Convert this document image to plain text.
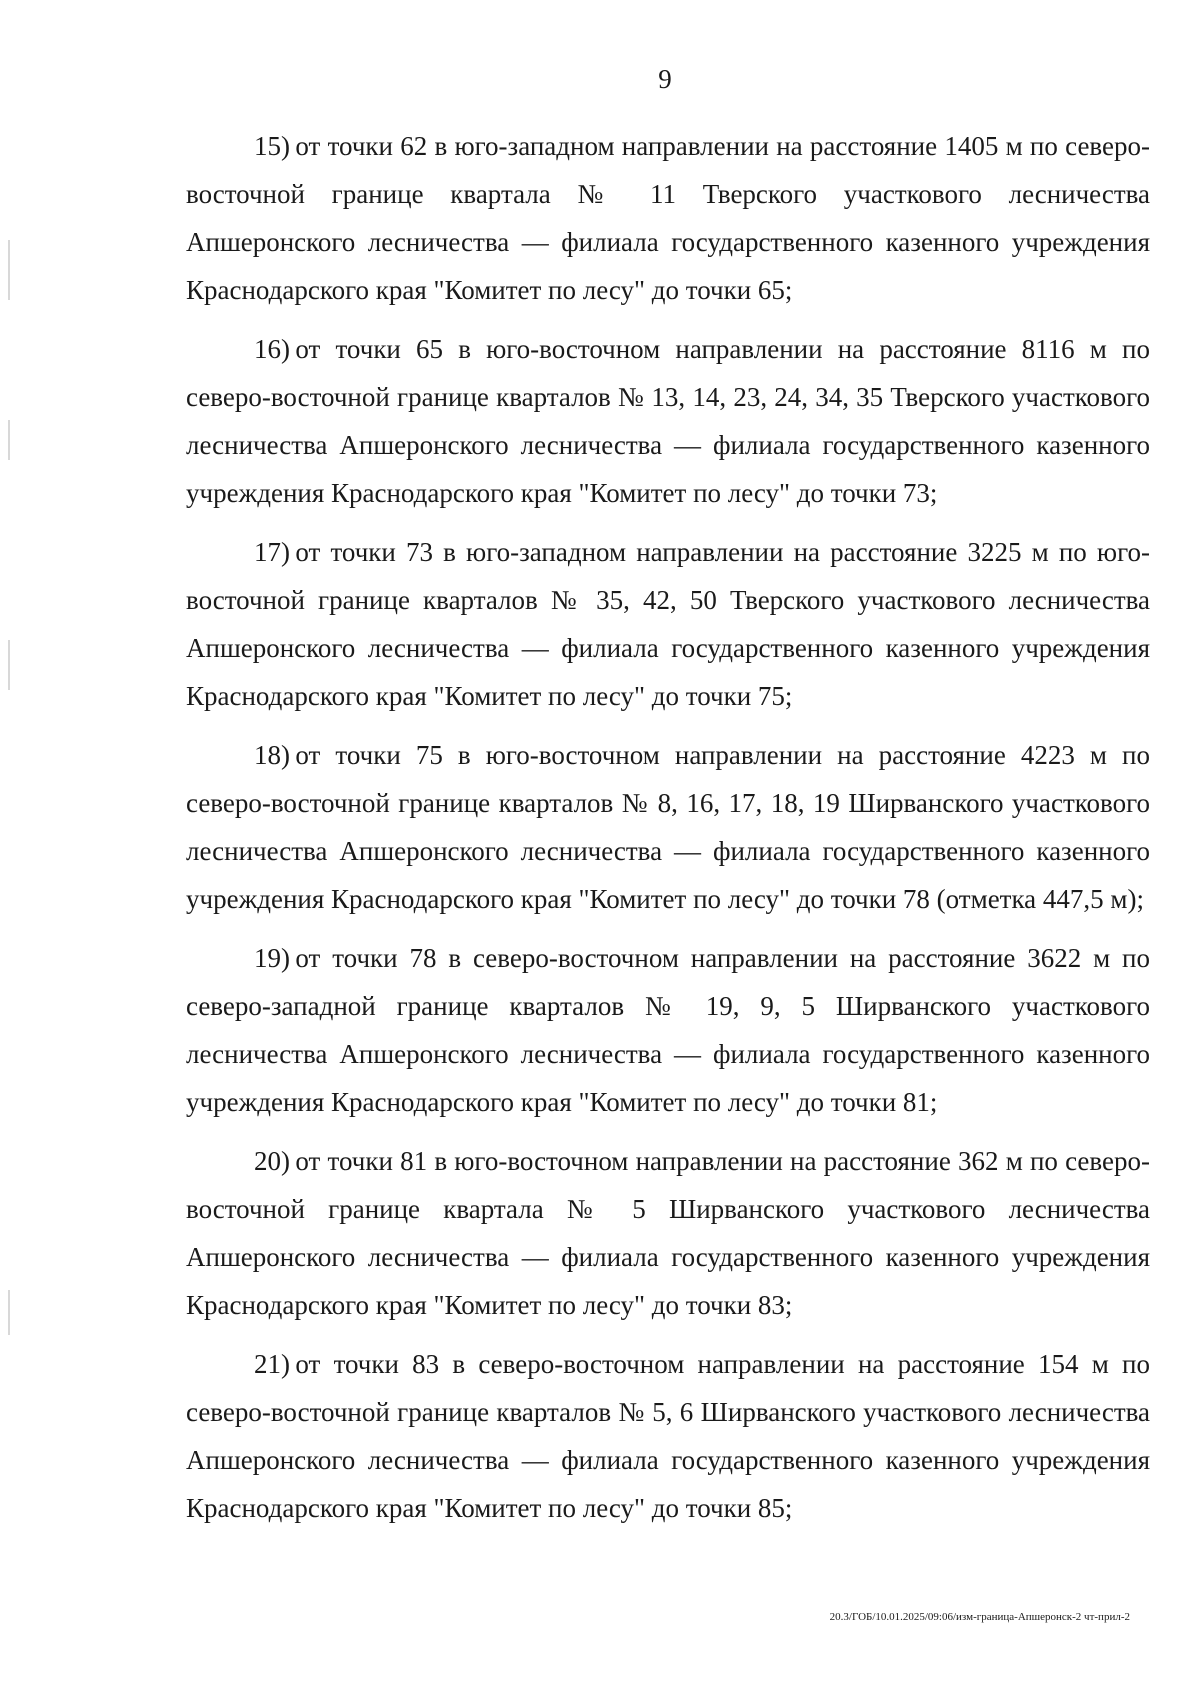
9

15) от точки 62 в юго-западном направлении на расстояние 1405 м по северо-восточной границе квартала № 11 Тверского участкового лесничества Апшеронского лесничества — филиала государственного казенного учреждения Краснодарского края "Комитет по лесу" до точки 65;

16) от точки 65 в юго-восточном направлении на расстояние 8116 м по северо-восточной границе кварталов № 13, 14, 23, 24, 34, 35 Тверского участкового лесничества Апшеронского лесничества — филиала государственного казенного учреждения Краснодарского края "Комитет по лесу" до точки 73;

17) от точки 73 в юго-западном направлении на расстояние 3225 м по юго-восточной границе кварталов № 35, 42, 50 Тверского участкового лесничества Апшеронского лесничества — филиала государственного казенного учреждения Краснодарского края "Комитет по лесу" до точки 75;

18) от точки 75 в юго-восточном направлении на расстояние 4223 м по северо-восточной границе кварталов № 8, 16, 17, 18, 19 Ширванского участкового лесничества Апшеронского лесничества — филиала государственного казенного учреждения Краснодарского края "Комитет по лесу" до точки 78 (отметка 447,5 м);

19) от точки 78 в северо-восточном направлении на расстояние 3622 м по северо-западной границе кварталов № 19, 9, 5 Ширванского участкового лесничества Апшеронского лесничества — филиала государственного казенного учреждения Краснодарского края "Комитет по лесу" до точки 81;

20) от точки 81 в юго-восточном направлении на расстояние 362 м по северо-восточной границе квартала № 5 Ширванского участкового лесничества Апшеронского лесничества — филиала государственного казенного учреждения Краснодарского края "Комитет по лесу" до точки 83;

21) от точки 83 в северо-восточном направлении на расстояние 154 м по северо-восточной границе кварталов № 5, 6 Ширванского участкового лесничества Апшеронского лесничества — филиала государственного казенного учреждения Краснодарского края "Комитет по лесу" до точки 85;

20.3/ГОБ/10.01.2025/09:06/изм-граница-Апшеронск-2 чт-прил-2
